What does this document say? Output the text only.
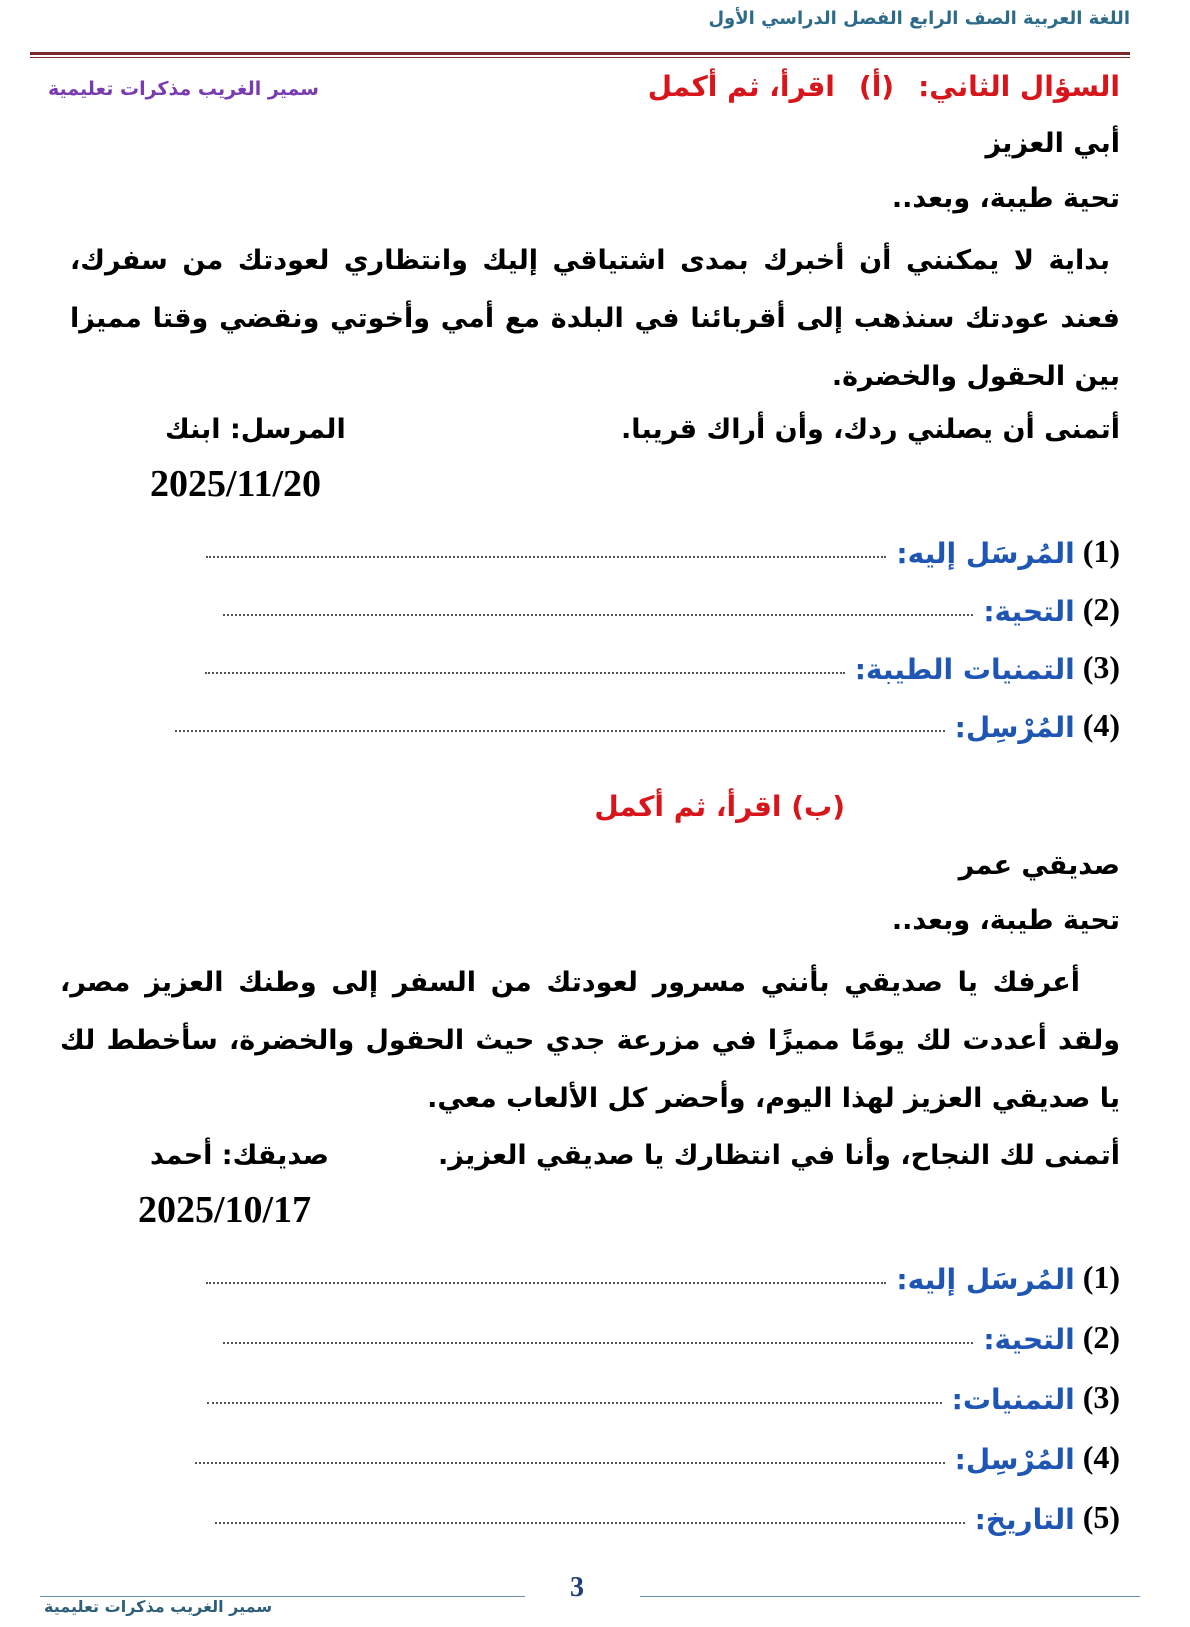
اللغة العربية الصف الرابع الفصل الدراسي الأول
سمير الغريب مذكرات تعليمية	السؤال الثاني:(أ)اقرأ، ثم أكمل
أبي العزيز
تحية طيبة، وبعد..
بداية لا يمكنني أن أخبرك بمدى اشتياقي إليك وانتظاري لعودتك من سفرك، فعند عودتك سنذهب إلى أقربائنا في البلدة مع أمي وأخوتي ونقضي وقتا مميزا بين الحقول والخضرة.
أتمنى أن يصلني ردك، وأن أراك قريبا.
المرسل: ابنك
2025/11/20
(1)
المُرسَل إليه:
(2)
التحية:
(3)
التمنيات الطيبة:
(4)
المُرْسِل:
(ب) اقرأ، ثم أكمل
صديقي عمر
تحية طيبة، وبعد..
أعرفك يا صديقي بأنني مسرور لعودتك من السفر إلى وطنك العزيز مصر، ولقد أعددت لك يومًا مميزًا في مزرعة جدي حيث الحقول والخضرة، سأخطط لك يا صديقي العزيز لهذا اليوم، وأحضر كل الألعاب معي.
أتمنى لك النجاح، وأنا في انتظارك يا صديقي العزيز.
صديقك: أحمد
2025/10/17
(1)
المُرسَل إليه:
(2)
التحية:
(3)
التمنيات:
(4)
المُرْسِل:
(5)
التاريخ:
3
سمير الغريب مذكرات تعليمية
